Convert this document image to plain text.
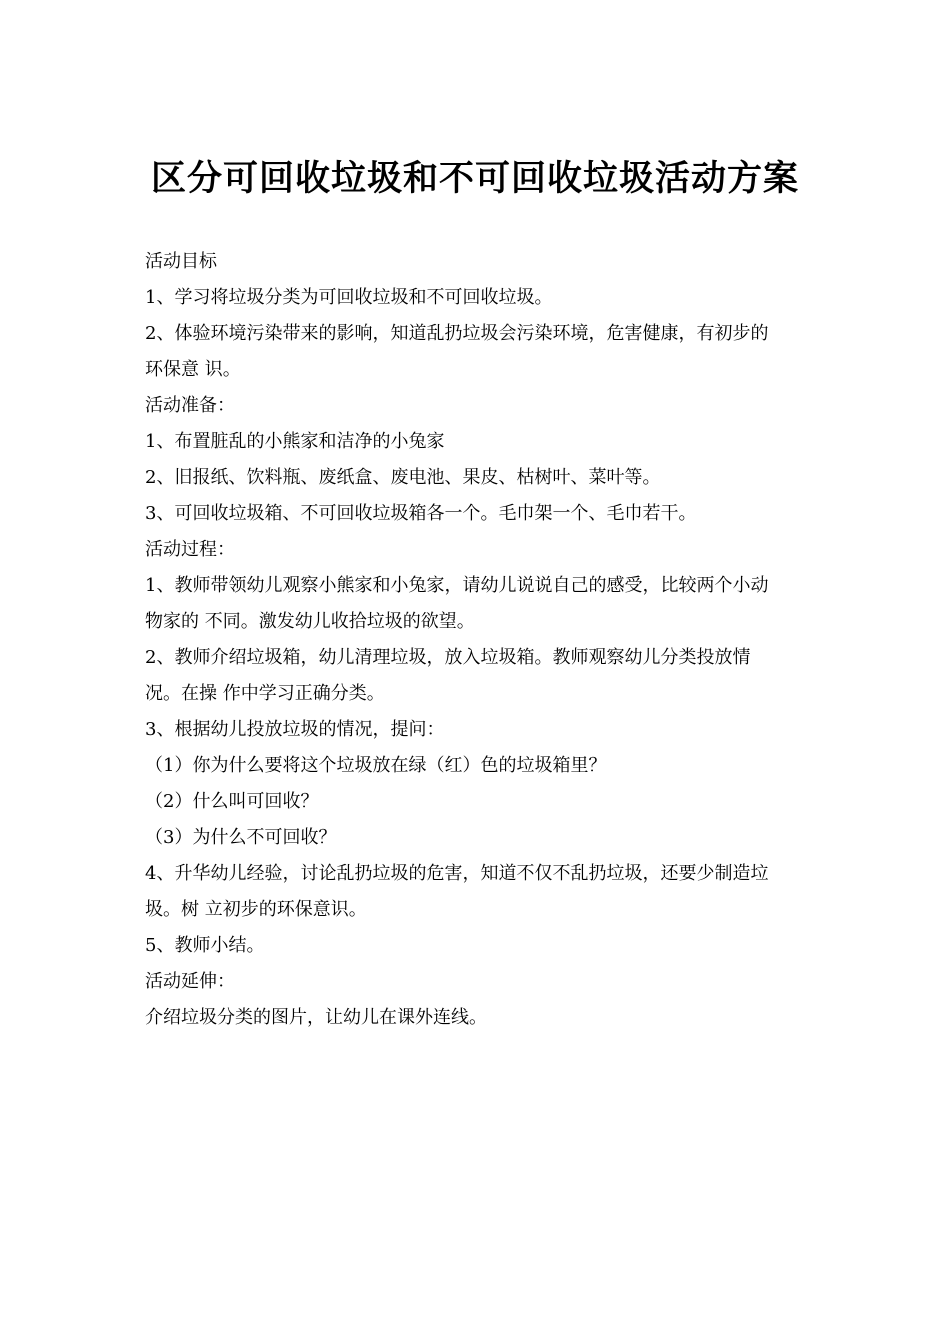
区分可回收垃圾和不可回收垃圾活动方案
活动目标
1、学习将垃圾分类为可回收垃圾和不可回收垃圾。
2、体验环境污染带来的影响，知道乱扔垃圾会污染环境，危害健康，有初步的
环保意 识。
活动准备：
1、布置脏乱的小熊家和洁净的小兔家
2、旧报纸、饮料瓶、废纸盒、废电池、果皮、枯树叶、菜叶等。
3、可回收垃圾箱、不可回收垃圾箱各一个。毛巾架一个、毛巾若干。
活动过程：
1、教师带领幼儿观察小熊家和小兔家，请幼儿说说自己的感受，比较两个小动
物家的 不同。激发幼儿收拾垃圾的欲望。
2、教师介绍垃圾箱，幼儿清理垃圾，放入垃圾箱。教师观察幼儿分类投放情
况。在操 作中学习正确分类。
3、根据幼儿投放垃圾的情况，提问：
（1）你为什么要将这个垃圾放在绿（红）色的垃圾箱里？
（2）什么叫可回收？
（3）为什么不可回收？
4、升华幼儿经验，讨论乱扔垃圾的危害，知道不仅不乱扔垃圾，还要少制造垃
圾。树 立初步的环保意识。
5、教师小结。
活动延伸：
介绍垃圾分类的图片，让幼儿在课外连线。
